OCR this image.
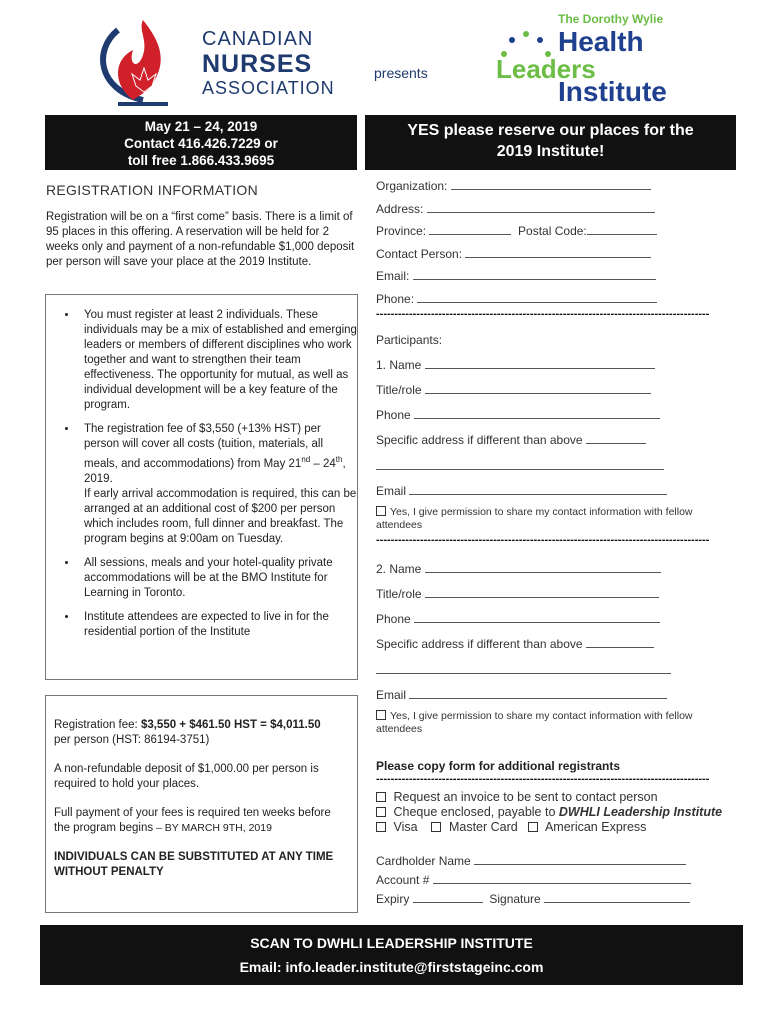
CANADIAN
NURSES
ASSOCIATION
presents
The Dorothy Wylie
Health
Leaders
Institute
May 21 – 24, 2019
Contact 416.426.7229 or
toll free 1.866.433.9695
YES please reserve our places for the
2019 Institute!
REGISTRATION INFORMATION
Registration will be on a “first come” basis. There is a limit of 95 places in this offering. A reservation will be held for 2 weeks only and payment of a non-refundable $1,000 deposit per person will save your place at the 2019 Institute.
• You must register at least 2 individuals. These individuals may be a mix of established and emerging leaders or members of different disciplines who work together and want to strengthen their team effectiveness. The opportunity for mutual, as well as individual development will be a key feature of the program.
• The registration fee of $3,550 (+13% HST) per person will cover all costs (tuition, materials, all meals, and accommodations) from May 21nd – 24th, 2019.
If early arrival accommodation is required, this can be arranged at an additional cost of $200 per person which includes room, full dinner and breakfast. The program begins at 9:00am on Tuesday.
• All sessions, meals and your hotel-quality private accommodations will be at the BMO Institute for Learning in Toronto.
• Institute attendees are expected to live in for the residential portion of the Institute
Registration fee: $3,550 + $461.50 HST = $4,011.50
per person (HST: 86194-3751)
A non-refundable deposit of $1,000.00 per person is required to hold your places.
Full payment of your fees is required ten weeks before the program begins – BY MARCH 9TH, 2019
INDIVIDUALS CAN BE SUBSTITUTED AT ANY TIME WITHOUT PENALTY
Organization:
Address:
Province:	Postal Code:
Contact Person:
Email:
Phone:
-------------------------------------------------------------------------------------------
Participants:
1. Name
Title/role
Phone
Specific address if different than above
Email
Yes, I give permission to share my contact information with fellow attendees
-------------------------------------------------------------------------------------------
2. Name
Title/role
Phone
Specific address if different than above
Email
Yes, I give permission to share my contact information with fellow attendees
Please copy form for additional registrants
-------------------------------------------------------------------------------------------
Request an invoice to be sent to contact person
Cheque enclosed, payable to DWHLI Leadership Institute
Visa	Master Card American Express
Cardholder Name
Account #
Expiry	Signature
SCAN TO DWHLI LEADERSHIP INSTITUTE
Email: info.leader.institute@firststageinc.com
